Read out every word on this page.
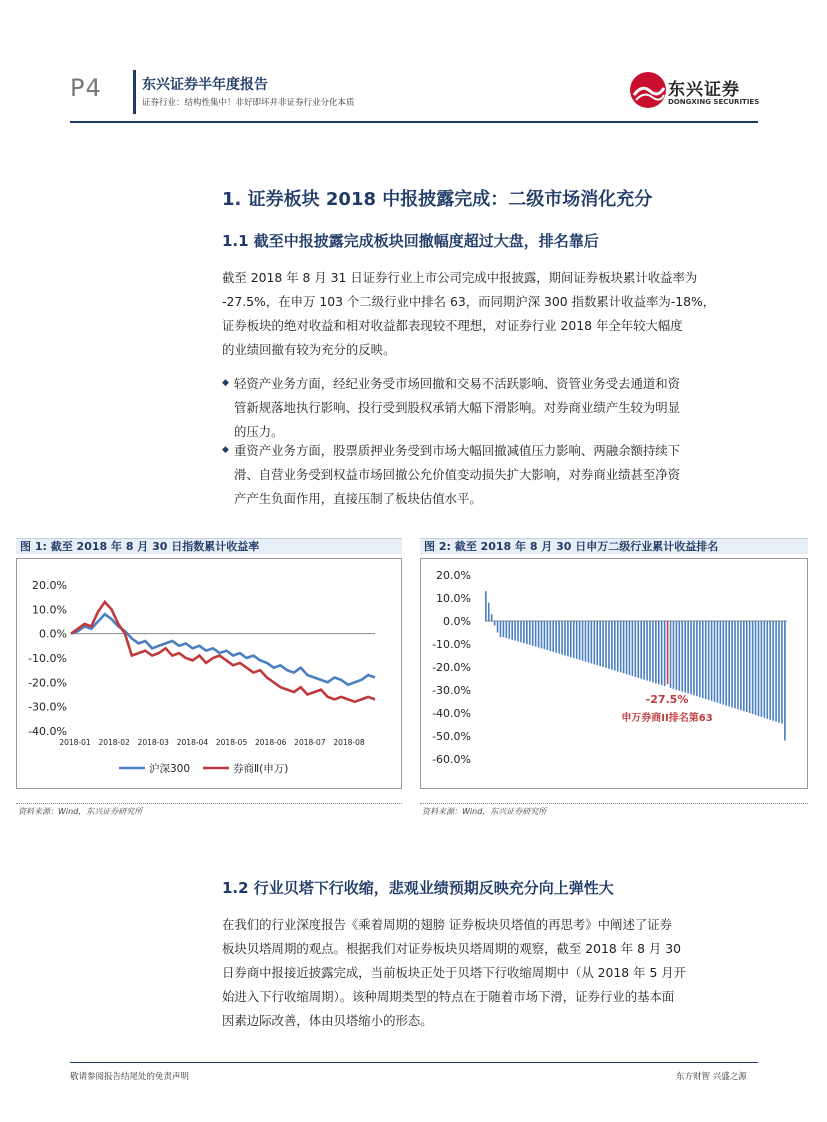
P4	东兴证券半年度报告
证券行业：结构性集中！非好即坏并非证券行业分化本质
东兴证券
DONGXING SECURITIES
1. 证券板块 2018 中报披露完成：二级市场消化充分
1.1 截至中报披露完成板块回撤幅度超过大盘，排名靠后
截至 2018 年 8 月 31 日证券行业上市公司完成中报披露，期间证券板块累计收益率为
-27.5%，在申万 103 个二级行业中排名 63，而同期沪深 300 指数累计收益率为-18%，
证券板块的绝对收益和相对收益都表现较不理想，对证券行业 2018 年全年较大幅度
的业绩回撤有较为充分的反映。
◆ 轻资产业务方面，经纪业务受市场回撤和交易不活跃影响、资管业务受去通道和资
管新规落地执行影响、投行受到股权承销大幅下滑影响。对券商业绩产生较为明显
的压力。
◆ 重资产业务方面，股票质押业务受到市场大幅回撤减值压力影响、两融余额持续下
滑、自营业务受到权益市场回撤公允价值变动损失扩大影响，对券商业绩甚至净资
产产生负面作用，直接压制了板块估值水平。
图 1: 截至 2018 年 8 月 30 日指数累计收益率
20.0%
10.0%
0.0%
-10.0%
-20.0%
-30.0%
-40.0%
2018-01 2018-02 2018-03 2018-04 2018-05 2018-06 2018-07 2018-08
沪深300	券商Ⅱ(申万)
资料来源：Wind，东兴证券研究所
图 2: 截至 2018 年 8 月 30 日申万二级行业累计收益排名
20.0%
10.0%
0.0%
-10.0%
-20.0%
-30.0%
-40.0%
-50.0%
-60.0%
-27.5%
申万券商II排名第63
资料来源：Wind，东兴证券研究所
1.2 行业贝塔下行收缩，悲观业绩预期反映充分向上弹性大
在我们的行业深度报告《乘着周期的翅膀 证券板块贝塔值的再思考》中阐述了证券
板块贝塔周期的观点。根据我们对证券板块贝塔周期的观察，截至 2018 年 8 月 30
日券商中报接近披露完成，当前板块正处于贝塔下行收缩周期中（从 2018 年 5 月开
始进入下行收缩周期）。该种周期类型的特点在于随着市场下滑，证券行业的基本面
因素边际改善，体由贝塔缩小的形态。
敬请参阅报告结尾处的免责声明	东方财智 兴盛之源
